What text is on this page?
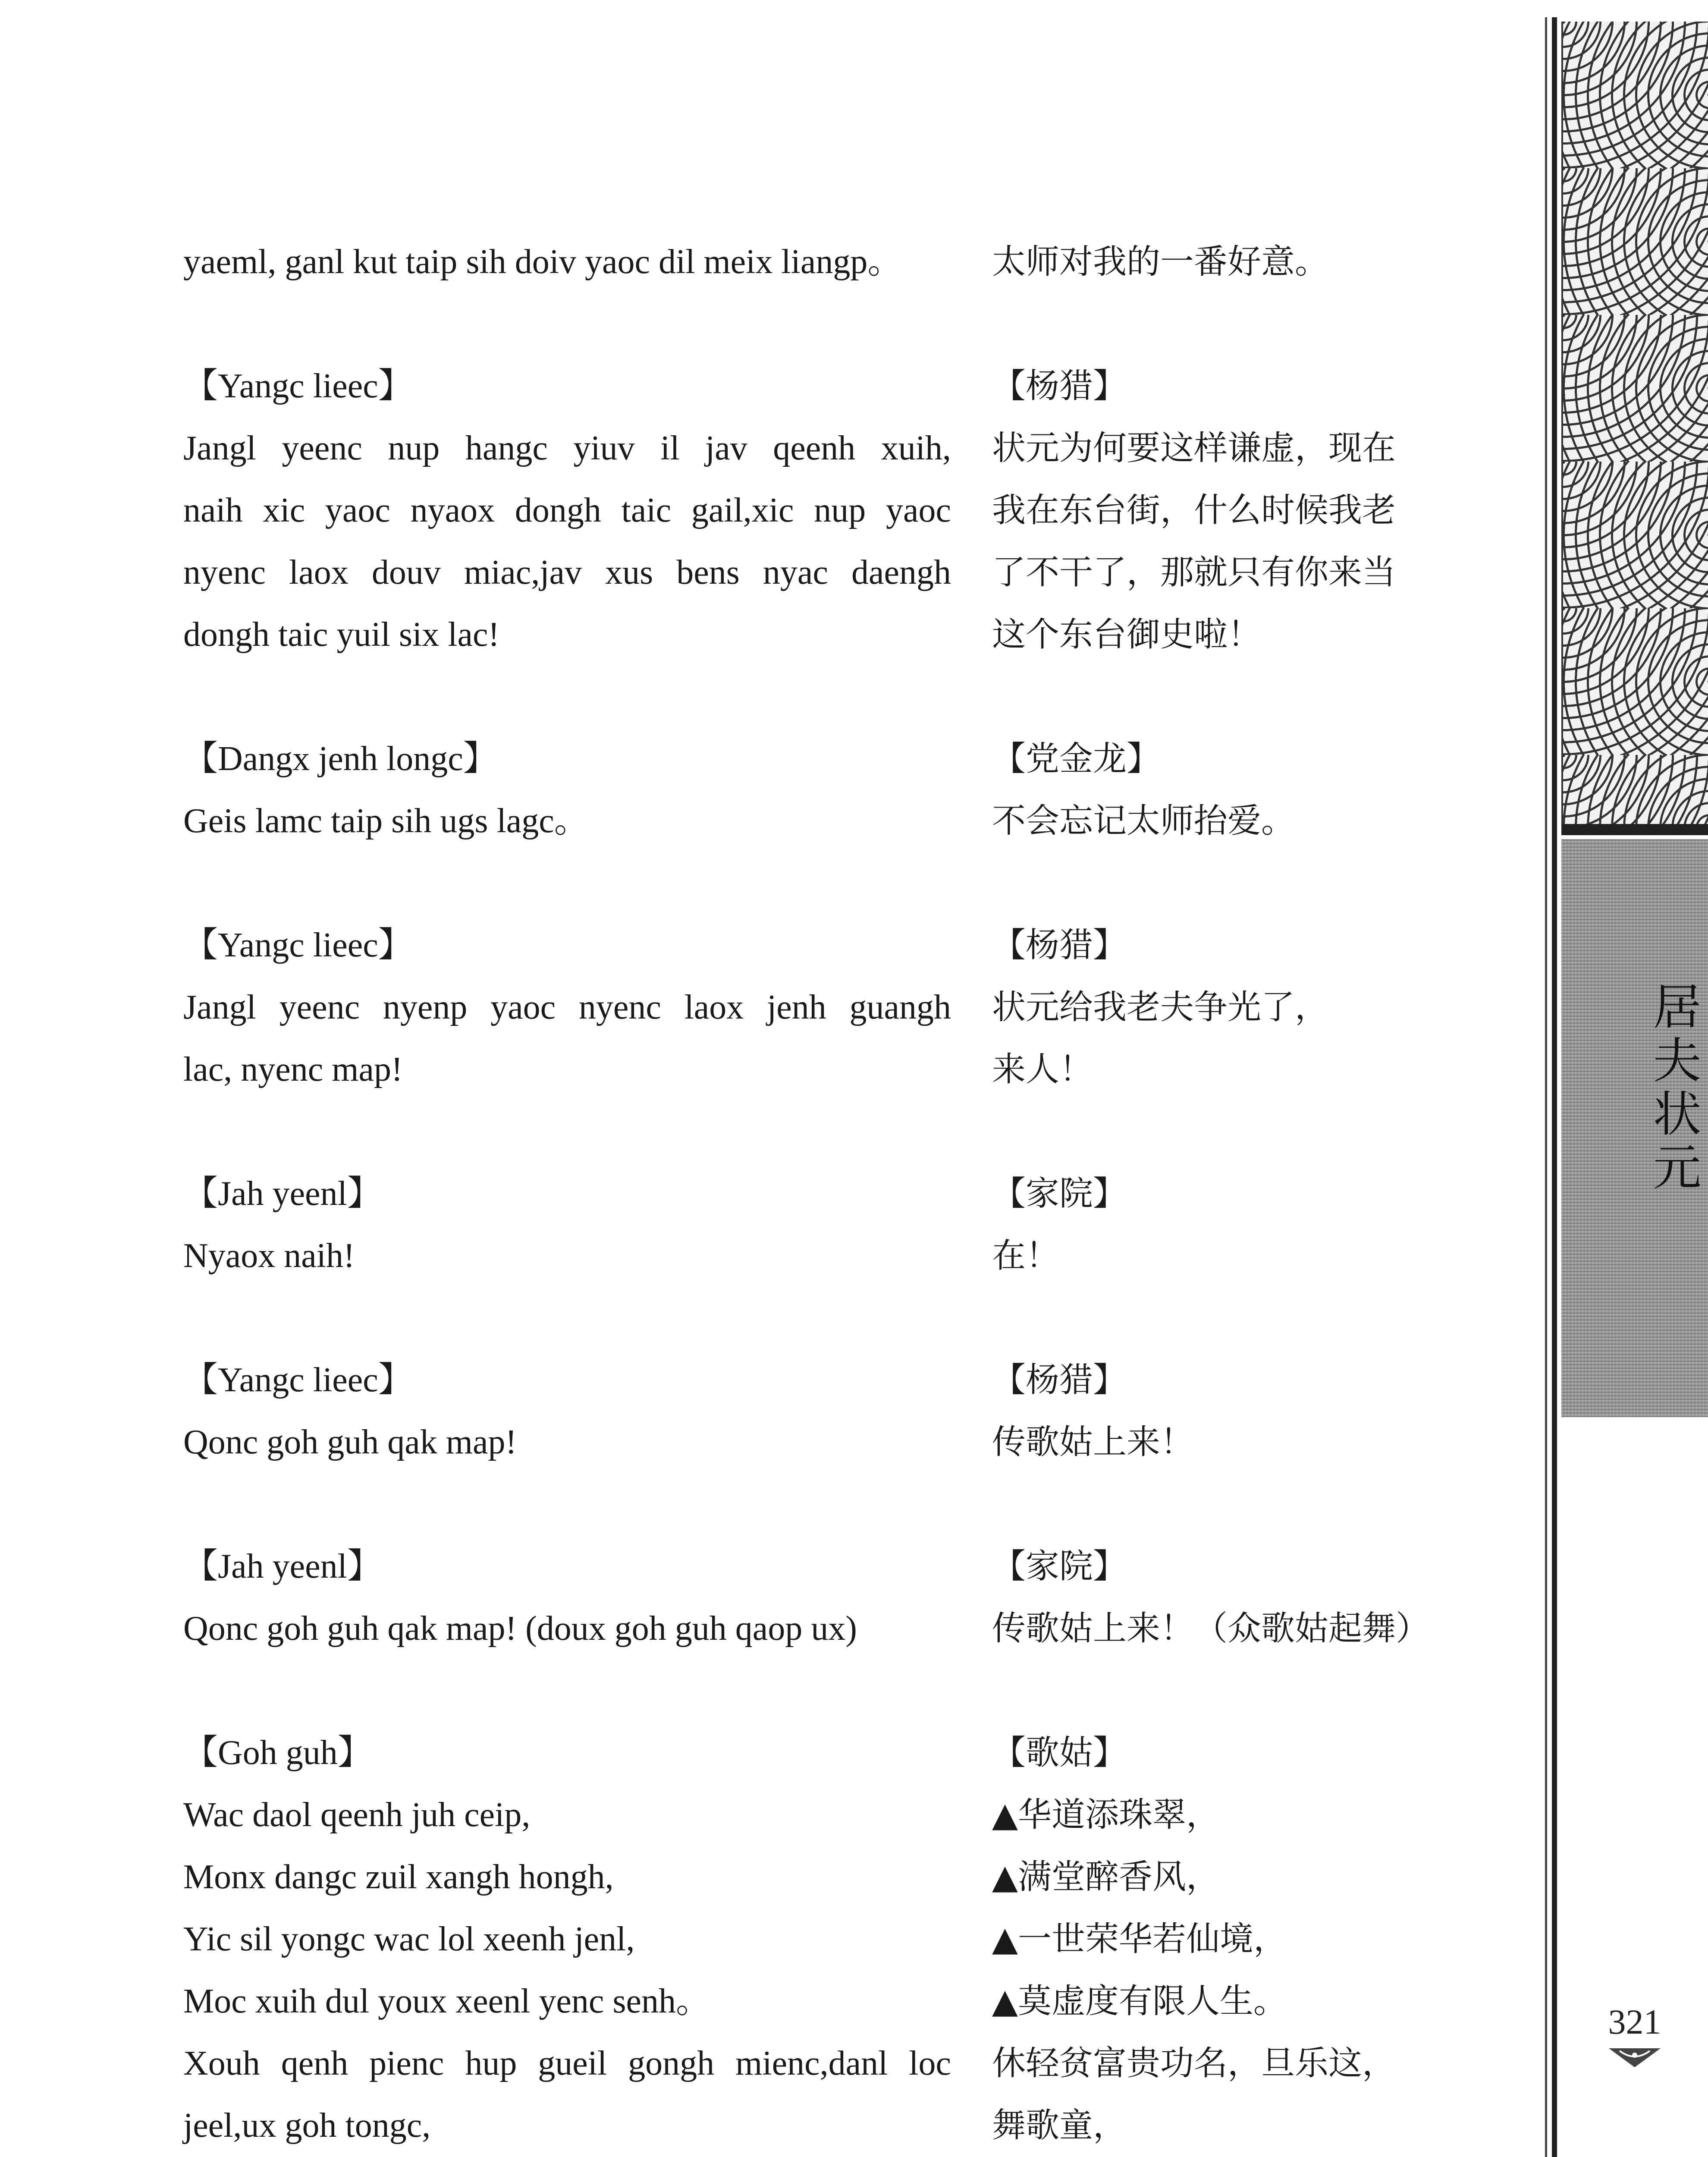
居夫状元
yaeml, ganl kut taip sih doiv yaoc dil meix liangp。
【Yangc lieec】
Jangl yeenc nup hangc yiuv il jav qeenh xuih,
naih xic yaoc nyaox dongh taic gail,xic nup yaoc
nyenc laox douv miac,jav xus bens nyac daengh
dongh taic yuil six lac!
【Dangx jenh longc】
Geis lamc taip sih ugs lagc。
【Yangc lieec】
Jangl yeenc nyenp yaoc nyenc laox jenh guangh
lac, nyenc map!
【Jah yeenl】
Nyaox naih!
【Yangc lieec】
Qonc goh guh qak map!
【Jah yeenl】
Qonc goh guh qak map! (doux goh guh qaop ux)
【Goh guh】
Wac daol qeenh juh ceip,
Monx dangc zuil xangh hongh,
Yic sil yongc wac lol xeenh jenl,
Moc xuih dul youx xeenl yenc senh。
Xouh qenh pienc hup gueil gongh mienc,danl loc
jeel,ux goh tongc,
太师对我的一番好意。
【杨猎】
状元为何要这样谦虚，现在
我在东台街，什么时候我老
了不干了，那就只有你来当
这个东台御史啦！
【党金龙】
不会忘记太师抬爱。
【杨猎】
状元给我老夫争光了，
来人！
【家院】
在！
【杨猎】
传歌姑上来！
【家院】
传歌姑上来！（众歌姑起舞）
【歌姑】
▲华道添珠翠，
▲满堂醉香风，
▲一世荣华若仙境，
▲莫虚度有限人生。
休轻贫富贵功名，旦乐这，
舞歌童，
321
